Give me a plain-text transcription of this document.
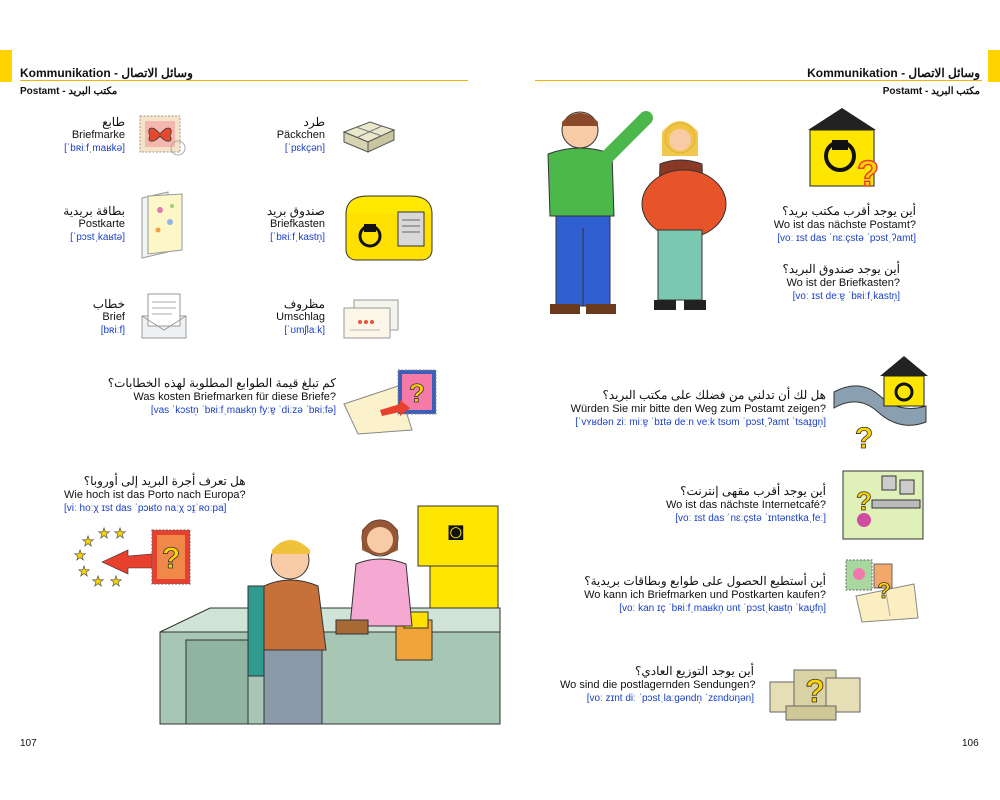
Kommunikation - وسائل الاتصال
Postamt - مكتب البريد
طابع
Briefmarke
[ˈbʀiːfˌmaʁkə]
طرد
Päckchen
[ˈpɛkçən]
بطاقة بريدية
Postkarte
[ˈpɔstˌkaʁtə]
صندوق بريد
Briefkasten
[ˈbʀiːfˌkastn̩]
خطاب
Brief
[bʀiːf]
مظروف
Umschlag
[ˈʊmʃlaːk]
كم تبلغ قيمة الطوابع المطلوبة لهذه الخطابات؟
Was kosten Briefmarken für diese Briefe?
[vas ˈkɔstn̩ ˈbʀiːfˌmaʁkn̩ fyːɐ̯ ˈdiːzə ˈbʀiːfə]
?
هل تعرف أجرة البريد إلى أوروبا؟
Wie hoch ist das Porto nach Europa?
[viː hoːχ ɪst das ˈpɔʁto naːχ ɔɪ̯ˈʀoːpa]
★
★
★
★
★ ★
★
?
◙
107
Kommunikation - وسائل الاتصال
Postamt - مكتب البريد
?
أين يوجد أقرب مكتب بريد؟
Wo ist das nächste Postamt?
[voː ɪst das ˈnɛːçstə ˈpɔstˌʔamt]
أين يوجد صندوق البريد؟
Wo ist der Briefkasten?
[voː ɪst deːɐ̯ ˈbʀiːfˌkastn̩]
?
هل لك أن تدلني من فضلك على مكتب البريد؟
Würden Sie mir bitte den Weg zum Postamt zeigen?
[ˈvʏʁdən ziː miːɐ̯ ˈbɪtə deːn veːk tsʊm ˈpɔstˌʔamt ˈtsaɪ̯gn̩]
?
أين يوجد أقرب مقهى إنترنت؟
Wo ist das nächste Internetcafé?
[voː ɪst das ˈnɛːçstə ˈɪntənɛtkaˌfeː]
?
أين أستطيع الحصول على طوابع وبطاقات بريدية؟
Wo kann ich Briefmarken und Postkarten kaufen?
[voː kan ɪç ˈbʀiːfˌmaʁkn̩ ʊnt ˈpɔstˌkaʁtn̩ ˈkaʊ̯fn̩]
أين يوجد التوزيع العادي؟
Wo sind die postlagernden Sendungen?
[voː zɪnt diː ˈpɔstˌlaːgəndn̩ ˈzɛndʊŋən] ?
106
